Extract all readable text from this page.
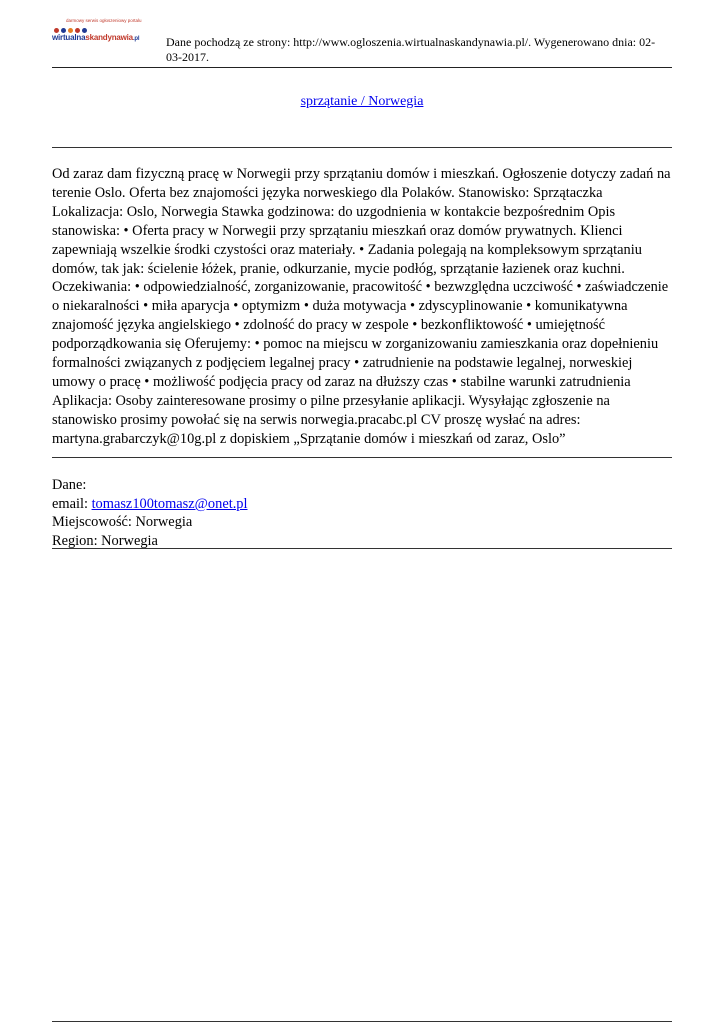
darmowy serwis ogłoszeniowy portalu
wirtualnaskandynawia.pl Dane pochodzą ze strony: http://www.ogloszenia.wirtualnaskandynawia.pl/. Wygenerowano dnia: 02-03-2017.
sprzątanie / Norwegia
Od zaraz dam fizyczną pracę w Norwegii przy sprzątaniu domów i mieszkań. Ogłoszenie dotyczy zadań na terenie Oslo. Oferta bez znajomości języka norweskiego dla Polaków. Stanowisko: Sprzątaczka Lokalizacja: Oslo, Norwegia Stawka godzinowa: do uzgodnienia w kontakcie bezpośrednim Opis stanowiska: • Oferta pracy w Norwegii przy sprzątaniu mieszkań oraz domów prywatnych. Klienci zapewniają wszelkie środki czystości oraz materiały. • Zadania polegają na kompleksowym sprzątaniu domów, tak jak: ścielenie łóżek, pranie, odkurzanie, mycie podłóg, sprzątanie łazienek oraz kuchni. Oczekiwania: • odpowiedzialność, zorganizowanie, pracowitość • bezwzględna uczciwość • zaświadczenie o niekaralności • miła aparycja • optymizm • duża motywacja • zdyscyplinowanie • komunikatywna znajomość języka angielskiego • zdolność do pracy w zespole • bezkonfliktowość • umiejętność podporządkowania się Oferujemy: • pomoc na miejscu w zorganizowaniu zamieszkania oraz dopełnieniu formalności związanych z podjęciem legalnej pracy • zatrudnienie na podstawie legalnej, norweskiej umowy o pracę • możliwość podjęcia pracy od zaraz na dłuższy czas • stabilne warunki zatrudnienia Aplikacja: Osoby zainteresowane prosimy o pilne przesyłanie aplikacji. Wysyłając zgłoszenie na stanowisko prosimy powołać się na serwis norwegia.pracabc.pl CV proszę wysłać na adres: martyna.grabarczyk@10g.pl z dopiskiem „Sprzątanie domów i mieszkań od zaraz, Oslo”
Dane:
email: tomasz100tomasz@onet.pl
Miejscowość: Norwegia
Region: Norwegia
